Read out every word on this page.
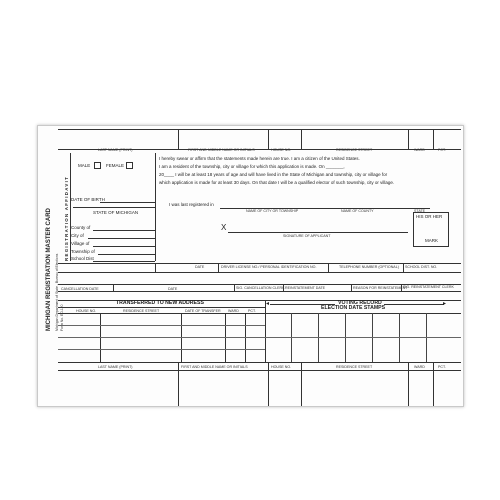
MICHIGAN REGISTRATION MASTER CARD Michigan Department of State - Bureau of Elections Form No. ED-120
REGISTRATION AFFIDAVIT
LAST NAME (PRINT)	FIRST AND MIDDLE NAME OR INITIALS	HOUSE NO.	RESIDENCE STREET	WARD	PCT.
MALE	FEMALE
DATE OF BIRTH
STATE OF MICHIGAN
County of
City of
Village of
Township of
School Dist
I hereby swear or affirm that the statements made herein are true. I am a citizen of the United States.
I am a resident of the township, city or village for which this application is made. On _______,
20____ I will be at least 18 years of age and will have lived in the State of Michigan and township, city or village for
which application is made for at least 30 days. On that date I will be a qualified elector of such township, city or village.
I was last registered in
NAME OF CITY OR TOWNSHIP	NAME OF COUNTY	STATE
X
SIGNATURE OF APPLICANT
HIS OR HER
MARK
DATE	DRIVER LICENSE NO./ PERSONAL IDENTIFICATION NO.	TELEPHONE NUMBER (OPTIONAL) SCHOOL DIST. NO.
CANCELLATION DATE	DATE	SIG. CANCELLATION CLERK REINSTATEMENT DATE	REASON FOR REINSTATEMENT
SIG. REINSTATEMENT CLERK
TRANSFERRED TO NEW ADDRESS	◂	VOTING RECORD	▸
ELECTION DATE STAMPS
HOUSE NO.	RESIDENCE STREET	DATE OF TRANSFER WARD	PCT.
LAST NAME (PRINT)	FIRST AND MIDDLE NAME OR INITIALS	HOUSE NO.	RESIDENCE STREET	WARD	PCT.
